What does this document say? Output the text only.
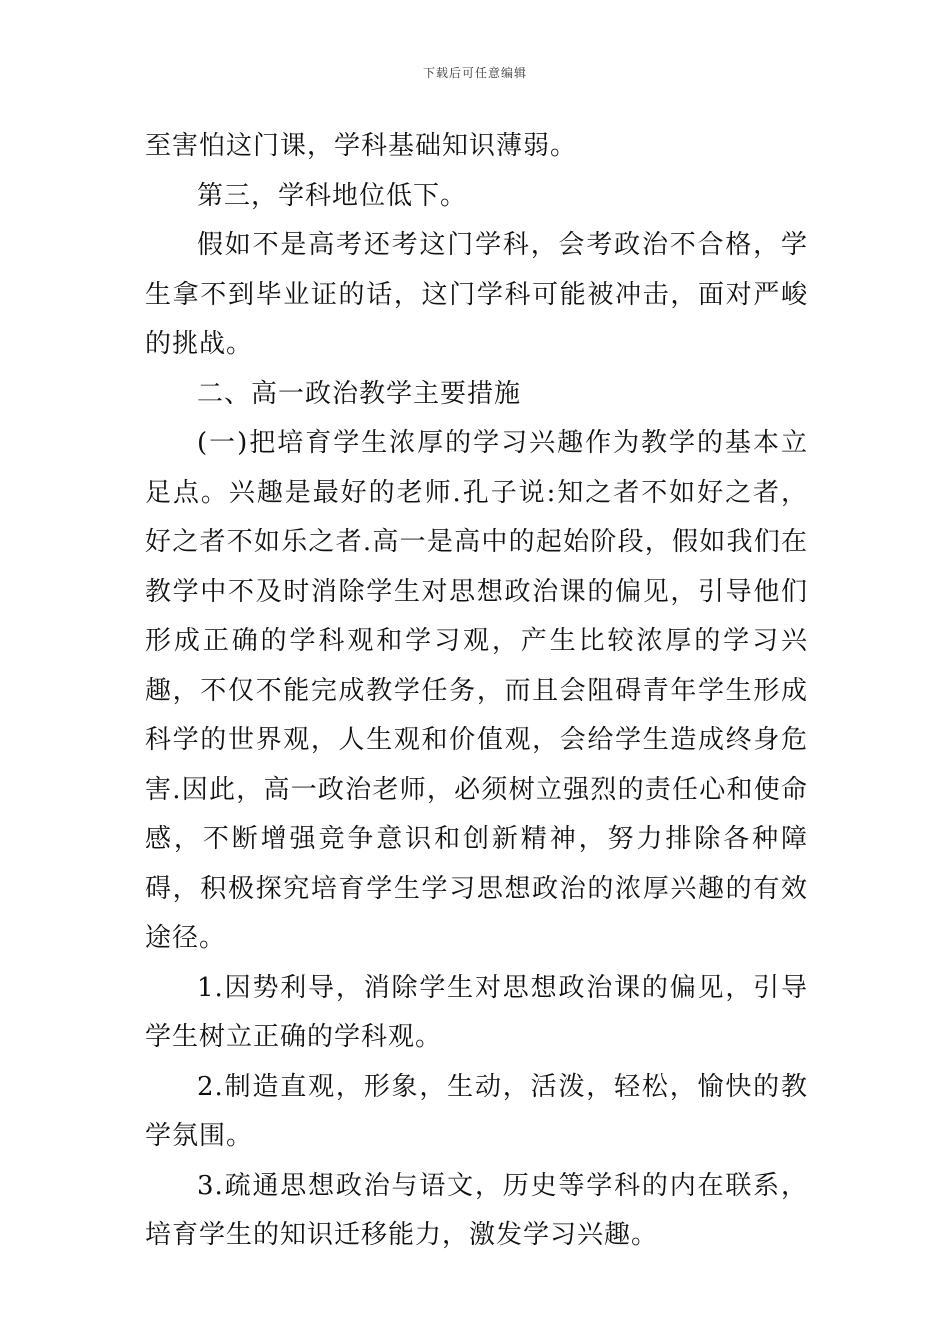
下载后可任意编辑

至害怕这门课，学科基础知识薄弱。

第三，学科地位低下。

假如不是高考还考这门学科，会考政治不合格，学生拿不到毕业证的话，这门学科可能被冲击，面对严峻的挑战。

二、高一政治教学主要措施

(一)把培育学生浓厚的学习兴趣作为教学的基本立足点。兴趣是最好的老师.孔子说:知之者不如好之者，好之者不如乐之者.高一是高中的起始阶段，假如我们在教学中不及时消除学生对思想政治课的偏见，引导他们形成正确的学科观和学习观，产生比较浓厚的学习兴趣，不仅不能完成教学任务，而且会阻碍青年学生形成科学的世界观，人生观和价值观，会给学生造成终身危害.因此，高一政治老师，必须树立强烈的责任心和使命感，不断增强竞争意识和创新精神，努力排除各种障碍，积极探究培育学生学习思想政治的浓厚兴趣的有效途径。

1.因势利导，消除学生对思想政治课的偏见，引导学生树立正确的学科观。

2.制造直观，形象，生动，活泼，轻松，愉快的教学氛围。

3.疏通思想政治与语文，历史等学科的内在联系，培育学生的知识迁移能力，激发学习兴趣。
